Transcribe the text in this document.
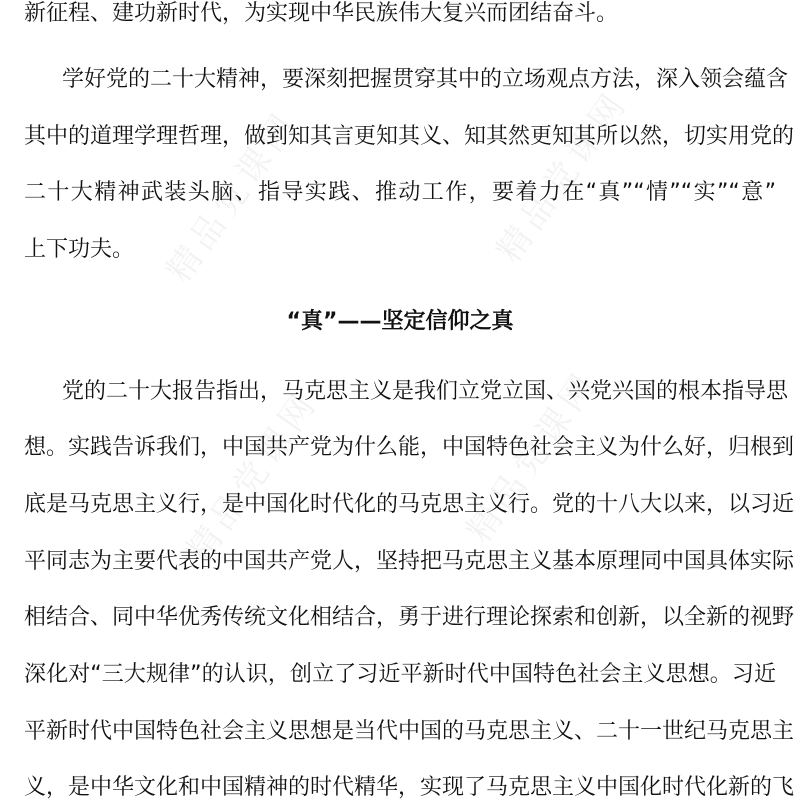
精品党课网	精品党课网
精品党课网	精品党课网
新征程、建功新时代，为实现中华民族伟大复兴而团结奋斗。
学好党的二十大精神，要深刻把握贯穿其中的立场观点方法，深入领会蕴含
其中的道理学理哲理，做到知其言更知其义、知其然更知其所以然，切实用党的
二十大精神武装头脑、指导实践、推动工作，要着力在“真”“情”“实”“意”
上下功夫。
“真”——坚定信仰之真
党的二十大报告指出，马克思主义是我们立党立国、兴党兴国的根本指导思
想。实践告诉我们，中国共产党为什么能，中国特色社会主义为什么好，归根到
底是马克思主义行，是中国化时代化的马克思主义行。党的十八大以来，以习近
平同志为主要代表的中国共产党人，坚持把马克思主义基本原理同中国具体实际
相结合、同中华优秀传统文化相结合，勇于进行理论探索和创新，以全新的视野
深化对“三大规律”的认识，创立了习近平新时代中国特色社会主义思想。习近
平新时代中国特色社会主义思想是当代中国的马克思主义、二十一世纪马克思主
义，是中华文化和中国精神的时代精华，实现了马克思主义中国化时代化新的飞
